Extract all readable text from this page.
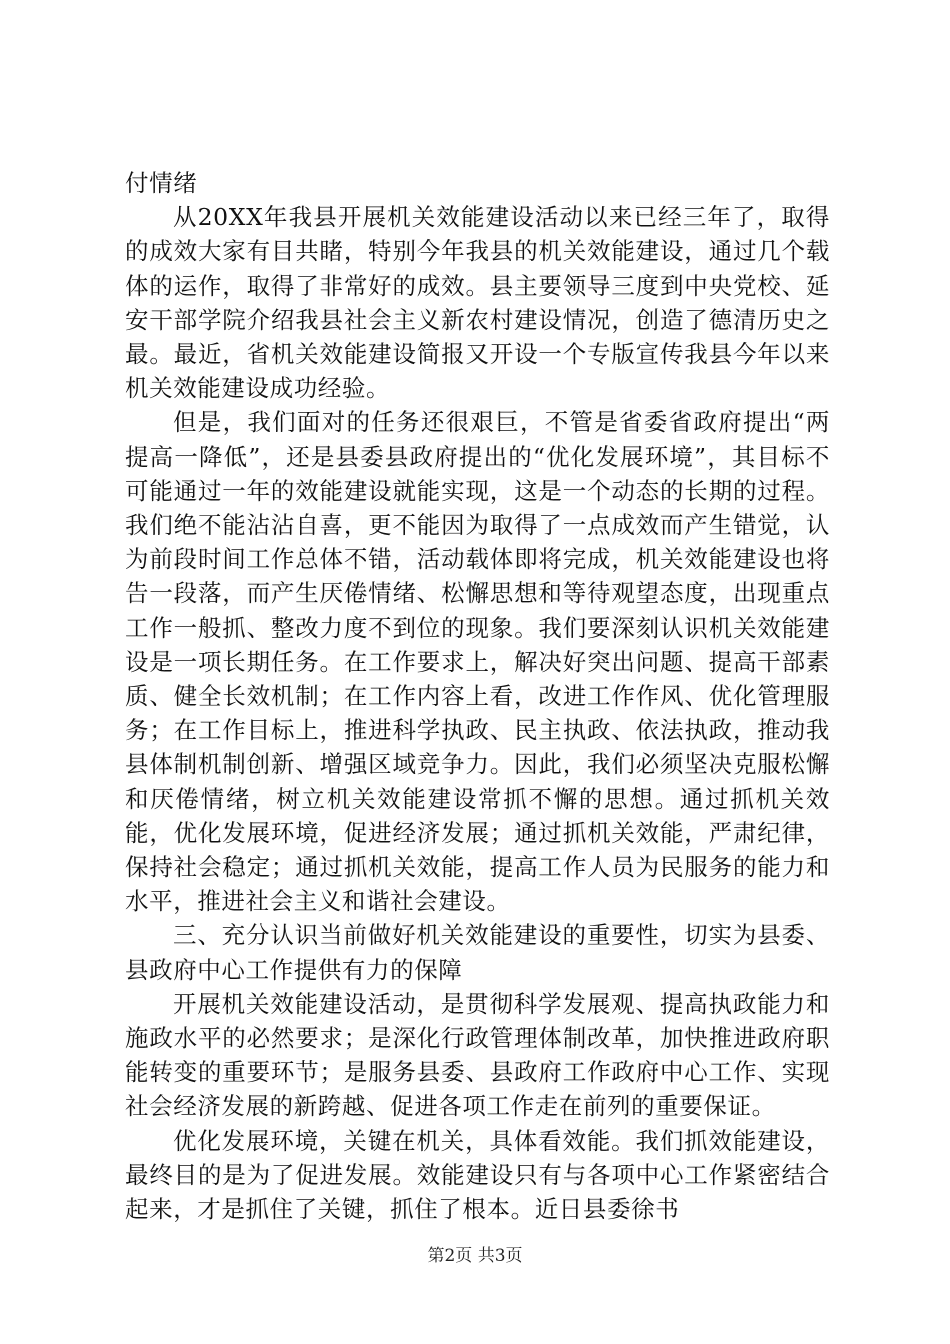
付情绪

从20XX年我县开展机关效能建设活动以来已经三年了，取得的成效大家有目共睹，特别今年我县的机关效能建设，通过几个载体的运作，取得了非常好的成效。县主要领导三度到中央党校、延安干部学院介绍我县社会主义新农村建设情况，创造了德清历史之最。最近，省机关效能建设简报又开设一个专版宣传我县今年以来机关效能建设成功经验。

但是，我们面对的任务还很艰巨，不管是省委省政府提出“两提高一降低”，还是县委县政府提出的“优化发展环境”，其目标不可能通过一年的效能建设就能实现，这是一个动态的长期的过程。我们绝不能沾沾自喜，更不能因为取得了一点成效而产生错觉，认为前段时间工作总体不错，活动载体即将完成，机关效能建设也将告一段落，而产生厌倦情绪、松懈思想和等待观望态度，出现重点工作一般抓、整改力度不到位的现象。我们要深刻认识机关效能建设是一项长期任务。在工作要求上，解决好突出问题、提高干部素质、健全长效机制；在工作内容上看，改进工作作风、优化管理服务；在工作目标上，推进科学执政、民主执政、依法执政，推动我县体制机制创新、增强区域竞争力。因此，我们必须坚决克服松懈和厌倦情绪，树立机关效能建设常抓不懈的思想。通过抓机关效能，优化发展环境，促进经济发展；通过抓机关效能，严肃纪律，保持社会稳定；通过抓机关效能，提高工作人员为民服务的能力和水平，推进社会主义和谐社会建设。

三、充分认识当前做好机关效能建设的重要性，切实为县委、县政府中心工作提供有力的保障

开展机关效能建设活动，是贯彻科学发展观、提高执政能力和施政水平的必然要求；是深化行政管理体制改革，加快推进政府职能转变的重要环节；是服务县委、县政府工作政府中心工作、实现社会经济发展的新跨越、促进各项工作走在前列的重要保证。

优化发展环境，关键在机关，具体看效能。我们抓效能建设，最终目的是为了促进发展。效能建设只有与各项中心工作紧密结合起来，才是抓住了关键，抓住了根本。近日县委徐书

第2页 共3页
